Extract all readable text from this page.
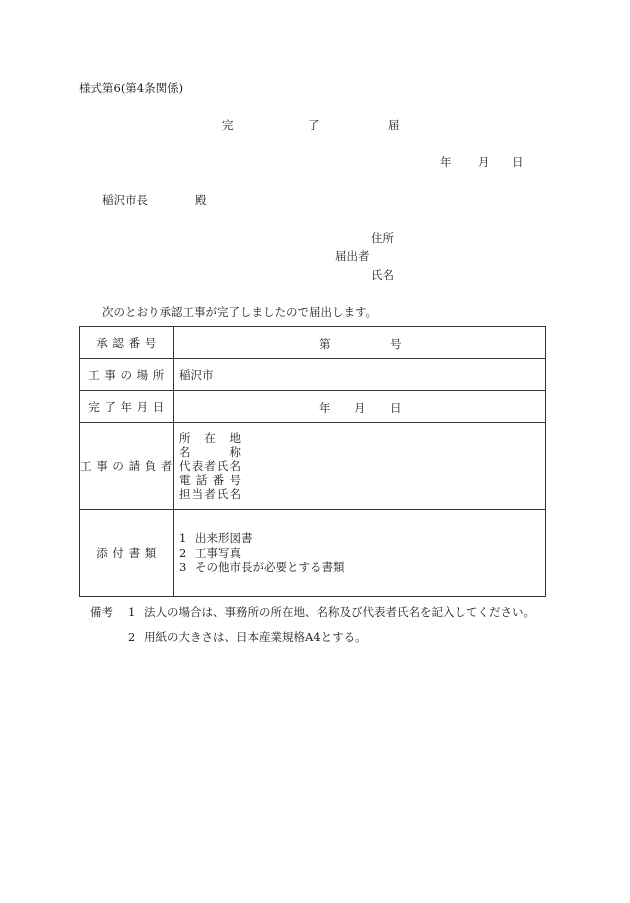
様式第6(第4条関係)
完	了	届
年 月 日
稲沢市長	殿
住所
届出者
氏名
次のとおり承認工事が完了しましたので届出します。
承 認 番 号	第 号

工 事 の 場 所	稲沢市
完 了 年 月 日	年 月 日

工 事 の 請 負 者	所在地
名称
代表者氏名
電話番号
担当者氏名

添 付 書 類	1 出来形図書
2 工事写真
3 その他市長が必要とする書類
備考 1 法人の場合は、事務所の所在地、名称及び代表者氏名を記入してください。
2 用紙の大きさは、日本産業規格A4とする。
